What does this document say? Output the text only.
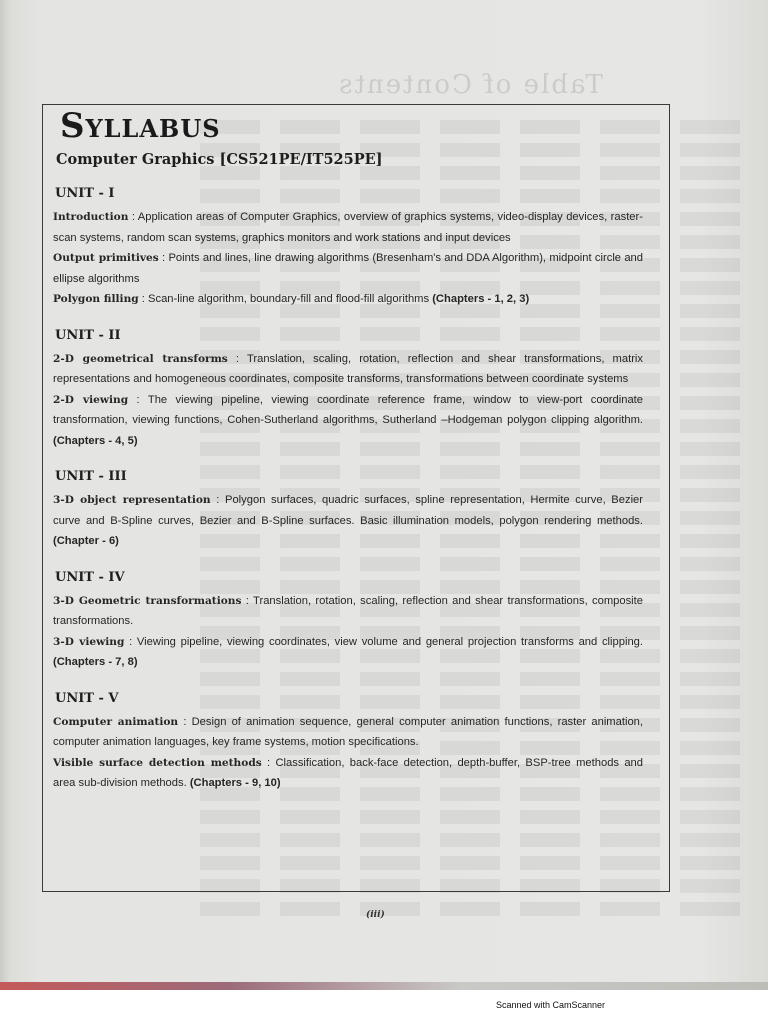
Table of Contents
Syllabus
Computer Graphics [CS521PE/IT525PE]
UNIT - I

Introduction : Application areas of Computer Graphics, overview of graphics systems, video-display devices, raster-scan systems, random scan systems, graphics monitors and work stations and input devices

Output primitives : Points and lines, line drawing algorithms (Bresenham's and DDA Algorithm), midpoint circle and ellipse algorithms

Polygon filling : Scan-line algorithm, boundary-fill and flood-fill algorithms (Chapters - 1, 2, 3)

UNIT - II

2-D geometrical transforms : Translation, scaling, rotation, reflection and shear transformations, matrix representations and homogeneous coordinates, composite transforms, transformations between coordinate systems

2-D viewing : The viewing pipeline, viewing coordinate reference frame, window to view-port coordinate transformation, viewing functions, Cohen-Sutherland algorithms, Sutherland –Hodgeman polygon clipping algorithm. (Chapters - 4, 5)

UNIT - III

3-D object representation : Polygon surfaces, quadric surfaces, spline representation, Hermite curve, Bezier curve and B-Spline curves, Bezier and B-Spline surfaces. Basic illumination models, polygon rendering methods. (Chapter - 6)

UNIT - IV

3-D Geometric transformations : Translation, rotation, scaling, reflection and shear transformations, composite transformations.

3-D viewing : Viewing pipeline, viewing coordinates, view volume and general projection transforms and clipping. (Chapters - 7, 8)

UNIT - V

Computer animation : Design of animation sequence, general computer animation functions, raster animation, computer animation languages, key frame systems, motion specifications.

Visible surface detection methods : Classification, back-face detection, depth-buffer, BSP-tree methods and area sub-division methods. (Chapters - 9, 10)

(iii)
Scanned with CamScanner
